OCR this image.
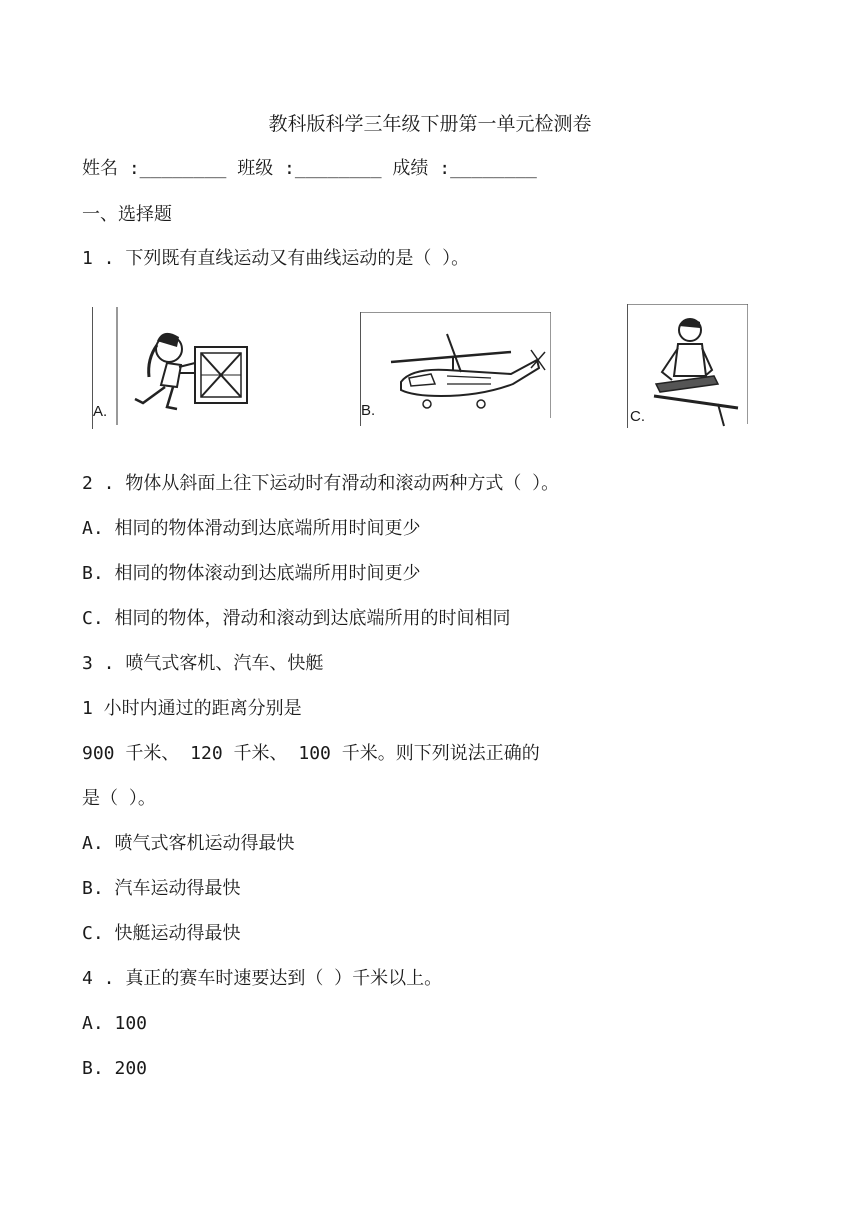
教科版科学三年级下册第一单元检测卷
姓名 :________ 班级 :________ 成绩 :________
一、选择题
1 . 下列既有直线运动又有曲线运动的是（ ）。
A.	B.	C.
2 . 物体从斜面上往下运动时有滑动和滚动两种方式（ ）。
A. 相同的物体滑动到达底端所用时间更少
B. 相同的物体滚动到达底端所用时间更少
C. 相同的物体，滑动和滚动到达底端所用的时间相同
3 . 喷气式客机、汽车、快艇
1 小时内通过的距离分别是
900 千米、 120 千米、 100 千米。则下列说法正确的
是（ ）。
A. 喷气式客机运动得最快
B. 汽车运动得最快
C. 快艇运动得最快
4 . 真正的赛车时速要达到（ ）千米以上。
A. 100
B. 200
